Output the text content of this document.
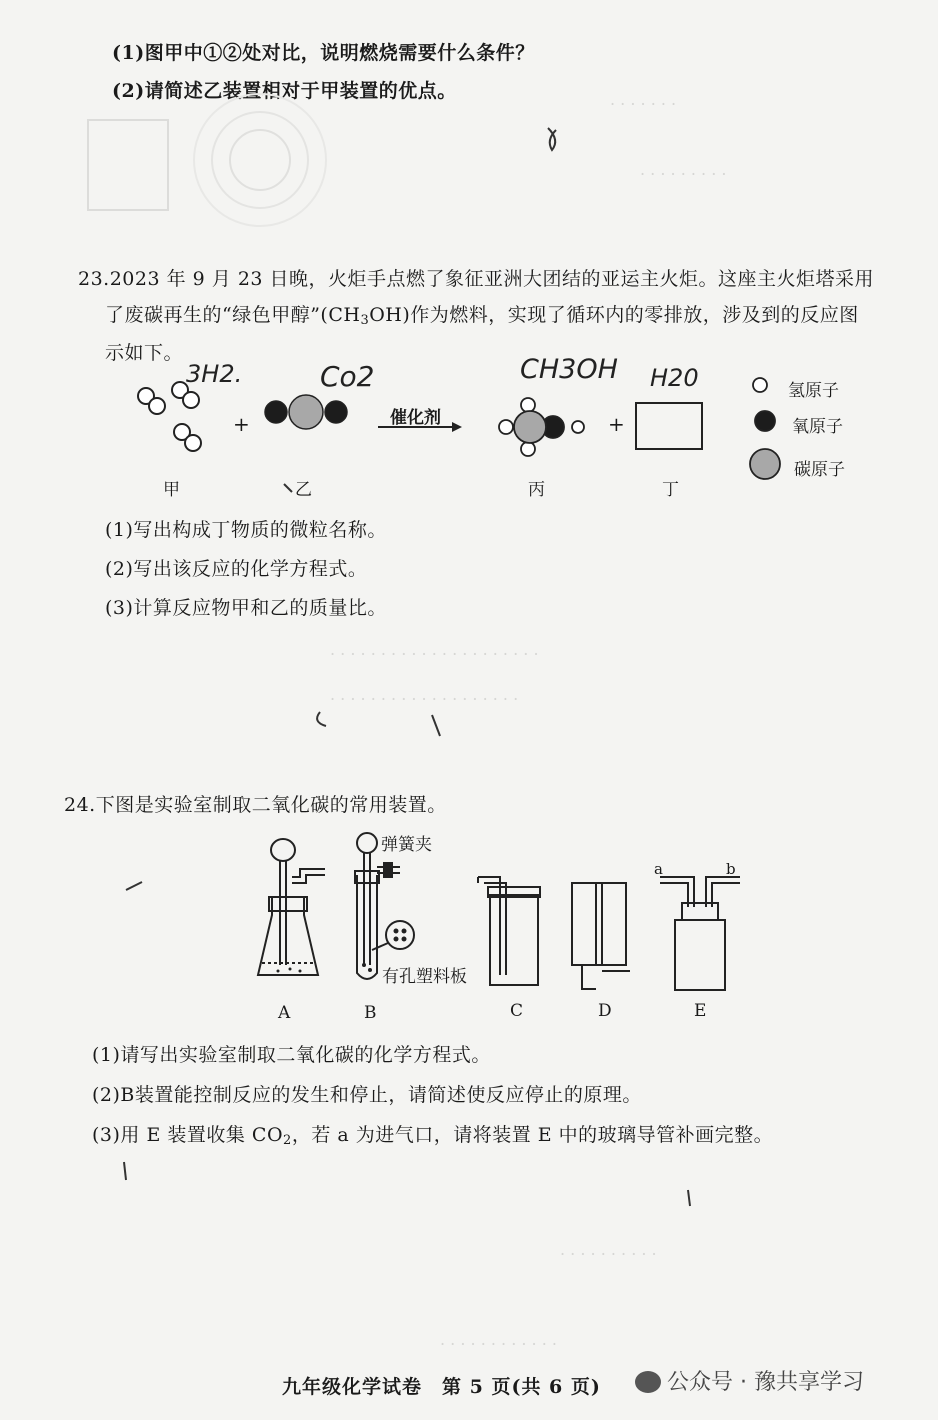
. . . . . . .
. . . . . . . . .
. . . . . . . . . . . . . . . . . . . . .
. . . . . . . . . . . . . . . . . . .
. . . . . . . . . .
. . . . . . . . . . . .
(1)图甲中①②处对比，说明燃烧需要什么条件？
(2)请简述乙装置相对于甲装置的优点。
23.2023 年 9 月 23 日晚，火炬手点燃了象征亚洲大团结的亚运主火炬。这座主火炬塔采用
了废碳再生的“绿色甲醇$”(CH_3OH)$作为燃料，实现了循环内的零排放，涉及到的反应图
示如下。
+	+
催化剂
氢原子
氧原子
碳原子
甲	乙	丙	丁
3H2.	Co2	CH3OH H20
(1)写出构成丁物质的微粒名称。
(2)写出该反应的化学方程式。
(3)计算反应物甲和乙的质量比。
24.下图是实验室制取二氧化碳的常用装置。
弹簧夹
有孔塑料板
A	B	C	D	E
a	b
(1)请写出实验室制取二氧化碳的化学方程式。
(2)B装置能控制反应的发生和停止，请简述使反应停止的原理。
(3)用 E 装置收集 $CO_2$，若 a 为进气口，请将装置 E 中的玻璃导管补画完整。
九年级化学试卷　第 5 页(共 6 页)	公众号 · 豫共享学习
